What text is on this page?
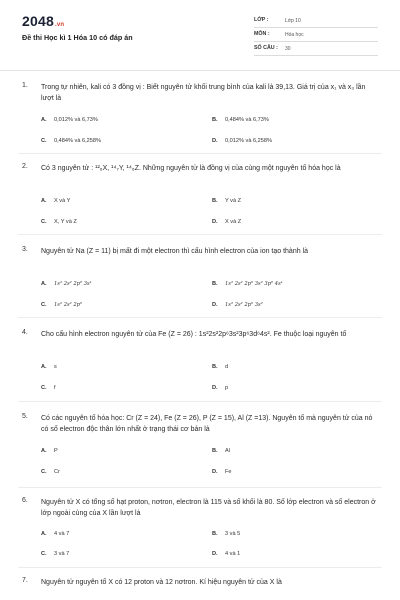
2048.vn
Đề thi Học kì 1 Hóa 10 có đáp án
LỚP :	Lớp 10
MÔN :	Hóa học
SỐ CÂU : 30
1. Trong tự nhiên, kali có 3 đồng vị : Biết nguyên tử khối trung bình của kali là 39,13. Giá trị của x₁ và x₃ lần lượt là
A. 0,012% và 6,73%	B. 0,484% và 6,73%
C. 0,484% và 6,258%	D. 0,012% và 6,258%
2. Có 3 nguyên tử : ¹²₆X, ¹⁴₇Y, ¹⁴₆Z. Những nguyên tử là đồng vị của cùng một nguyên tố hóa học là
A. X và Y	B. Y và Z
C. X, Y và Z	D. X và Z
3. Nguyên tử Na (Z = 11) bị mất đi một electron thì cấu hình electron của ion tạo thành là
A. 1s² 2s² 2p⁶ 3s¹	B. 1s² 2s² 2p⁶ 3s² 3p⁶ 4s¹
C. 1s² 2s² 2p⁶	D. 1s² 2s² 2p⁶ 3s²
4. Cho cấu hình electron nguyên tử của Fe (Z = 26) : 1s²2s²2p⁶3s²3p⁶3d⁶4s². Fe thuộc loại nguyên tố
A. s	B. d
C. f	D. p
5. Có các nguyên tố hóa học: Cr (Z = 24), Fe (Z = 26), P (Z = 15), Al (Z =13). Nguyên tố mà nguyên tử của nó có số electron độc thân lớn nhất ở trạng thái cơ bản là
A. P	B. Al
C. Cr	D. Fe
6. Nguyên tử X có tổng số hạt proton, nơtron, electron là 115 và số khối là 80. Số lớp electron và số electron ở lớp ngoài cùng của X lần lượt là
A. 4 và 7	B. 3 và 5
C. 3 và 7	D. 4 và 1
7. Nguyên tử nguyên tố X có 12 proton và 12 nơtron. Kí hiệu nguyên tử của X là
